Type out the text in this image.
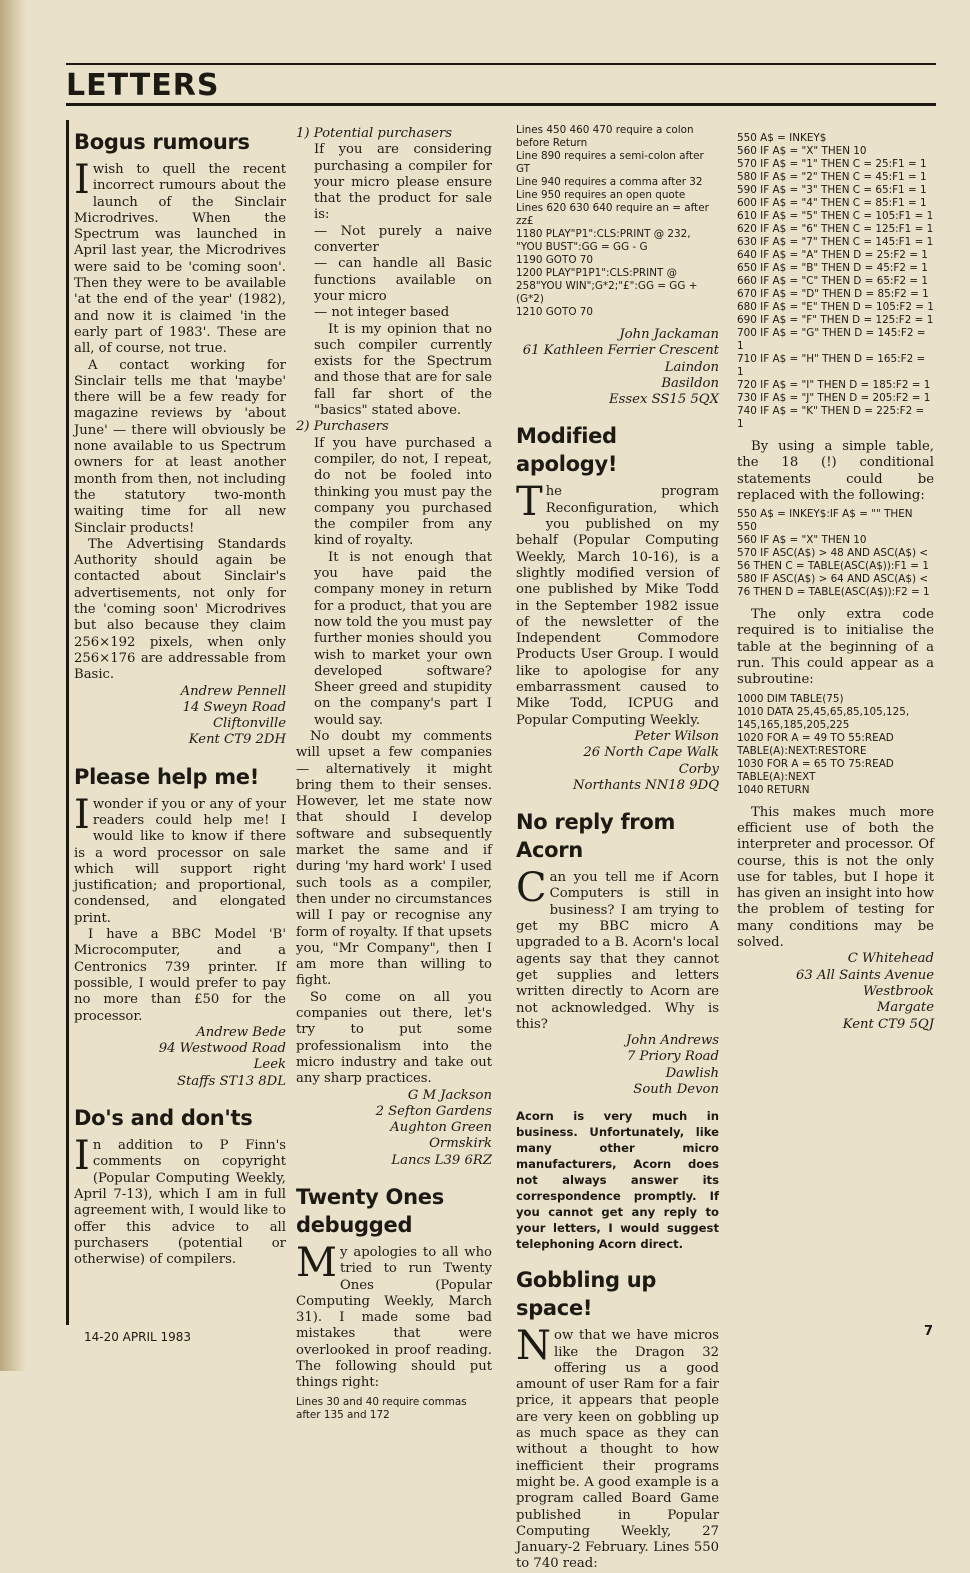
LETTERS
Bogus rumours

Iwish to quell the recent incorrect rumours about the launch of the Sinclair Microdrives. When the Spectrum was launched in April last year, the Microdrives were said to be 'coming soon'. Then they were to be available 'at the end of the year' (1982), and now it is claimed 'in the early part of 1983'. These are all, of course, not true.

A contact working for Sinclair tells me that 'maybe' there will be a few ready for magazine reviews by 'about June' — there will obviously be none available to us Spectrum owners for at least another month from then, not including the statutory two-month waiting time for all new Sinclair products!

The Advertising Standards Authority should again be contacted about Sinclair's advertisements, not only for the 'coming soon' Microdrives but also because they claim 256×192 pixels, when only 256×176 are addressable from Basic.

Andrew Pennell

14 Sweyn Road

Cliftonville

Kent CT9 2DH

Please help me!

Iwonder if you or any of your readers could help me! I would like to know if there is a word processor on sale which will support right justification; and proportional, condensed, and elongated print.

I have a BBC Model 'B' Microcomputer, and a Centronics 739 printer. If possible, I would prefer to pay no more than £50 for the processor.

Andrew Bede

94 Westwood Road

Leek

Staffs ST13 8DL

Do's and don'ts

In addition to P Finn's comments on copyright (Popular Computing Weekly, April 7-13), which I am in full agreement with, I would like to offer this advice to all purchasers (potential or otherwise) of compilers.

1) Potential purchasers

If you are considering purchasing a compiler for your micro please ensure that the product for sale is:

— Not purely a naive converter

— can handle all Basic functions available on your micro

— not integer based

It is my opinion that no such compiler currently exists for the Spectrum and those that are for sale fall far short of the "basics" stated above.

2) Purchasers

If you have purchased a compiler, do not, I repeat, do not be fooled into thinking you must pay the company you purchased the compiler from any kind of royalty.

It is not enough that you have paid the company money in return for a product, that you are now told the you must pay further monies should you wish to market your own developed software? Sheer greed and stupidity on the company's part I would say.

No doubt my comments will upset a few companies — alternatively it might bring them to their senses. However, let me state now that should I develop software and subsequently market the same and if during 'my hard work' I used such tools as a compiler, then under no circumstances will I pay or recognise any form of royalty. If that upsets you, "Mr Company", then I am more than willing to fight.

So come on all you companies out there, let's try to put some professionalism into the micro industry and take out any sharp practices.

G M Jackson

2 Sefton Gardens

Aughton Green

Ormskirk

Lancs L39 6RZ

Twenty Ones debugged

My apologies to all who tried to run Twenty Ones (Popular Computing Weekly, March 31). I made some bad mistakes that were overlooked in proof reading. The following should put things right:

Lines 30 and 40 require commas after 135 and 172
Lines 450 460 470 require a colon before Return
Line 890 requires a semi-colon after GT
Line 940 requires a comma after 32
Line 950 requires an open quote
Lines 620 630 640 require an = after zz£
1180 PLAY"P1":CLS:PRINT @ 232, "YOU BUST":GG = GG - G
1190 GOTO 70
1200 PLAY"P1P1":CLS:PRINT @ 258"YOU WIN";G*2;"£":GG = GG + (G*2)
1210 GOTO 70

John Jackaman

61 Kathleen Ferrier Crescent

Laindon

Basildon

Essex SS15 5QX

Modified apology!

The program Reconfiguration, which you published on my behalf (Popular Computing Weekly, March 10-16), is a slightly modified version of one published by Mike Todd in the September 1982 issue of the newsletter of the Independent Commodore Products User Group. I would like to apologise for any embarrassment caused to Mike Todd, ICPUG and Popular Computing Weekly.

Peter Wilson

26 North Cape Walk

Corby

Northants NN18 9DQ

No reply from Acorn

Can you tell me if Acorn Computers is still in business? I am trying to get my BBC micro A upgraded to a B. Acorn's local agents say that they cannot get supplies and letters written directly to Acorn are not acknowledged. Why is this?

John Andrews

7 Priory Road

Dawlish

South Devon

Acorn is very much in business. Unfortunately, like many other micro manufacturers, Acorn does not always answer its correspondence promptly. If you cannot get any reply to your letters, I would suggest telephoning Acorn direct.

Gobbling up space!

Now that we have micros like the Dragon 32 offering us a good amount of user Ram for a fair price, it appears that people are very keen on gobbling up as much space as they can without a thought to how inefficient their programs might be. A good example is a program called Board Game published in Popular Computing Weekly, 27 January-2 February. Lines 550 to 740 read:

550 A$ = INKEY$
560 IF A$ = "X" THEN 10
570 IF A$ = "1" THEN C = 25:F1 = 1
580 IF A$ = "2" THEN C = 45:F1 = 1
590 IF A$ = "3" THEN C = 65:F1 = 1
600 IF A$ = "4" THEN C = 85:F1 = 1
610 IF A$ = "5" THEN C = 105:F1 = 1
620 IF A$ = "6" THEN C = 125:F1 = 1
630 IF A$ = "7" THEN C = 145:F1 = 1
640 IF A$ = "A" THEN D = 25:F2 = 1
650 IF A$ = "B" THEN D = 45:F2 = 1
660 IF A$ = "C" THEN D = 65:F2 = 1
670 IF A$ = "D" THEN D = 85:F2 = 1
680 IF A$ = "E" THEN D = 105:F2 = 1
690 IF A$ = "F" THEN D = 125:F2 = 1
700 IF A$ = "G" THEN D = 145:F2 = 1
710 IF A$ = "H" THEN D = 165:F2 = 1
720 IF A$ = "I" THEN D = 185:F2 = 1
730 IF A$ = "J" THEN D = 205:F2 = 1
740 IF A$ = "K" THEN D = 225:F2 = 1

By using a simple table, the 18 (!) conditional statements could be replaced with the following:

550 A$ = INKEY$:IF A$ = "" THEN 550
560 IF A$ = "X" THEN 10
570 IF ASC(A$) > 48 AND ASC(A$) < 56 THEN C = TABLE(ASC(A$)):F1 = 1
580 IF ASC(A$) > 64 AND ASC(A$) < 76 THEN D = TABLE(ASC(A$)):F2 = 1

The only extra code required is to initialise the table at the beginning of a run. This could appear as a subroutine:

1000 DIM TABLE(75)
1010 DATA 25,45,65,85,105,125, 145,165,185,205,225
1020 FOR A = 49 TO 55:READ TABLE(A):NEXT:RESTORE
1030 FOR A = 65 TO 75:READ TABLE(A):NEXT
1040 RETURN

This makes much more efficient use of both the interpreter and processor. Of course, this is not the only use for tables, but I hope it has given an insight into how the problem of testing for many conditions may be solved.

C Whitehead

63 All Saints Avenue

Westbrook

Margate

Kent CT9 5QJ

14-20 APRIL 1983	7
